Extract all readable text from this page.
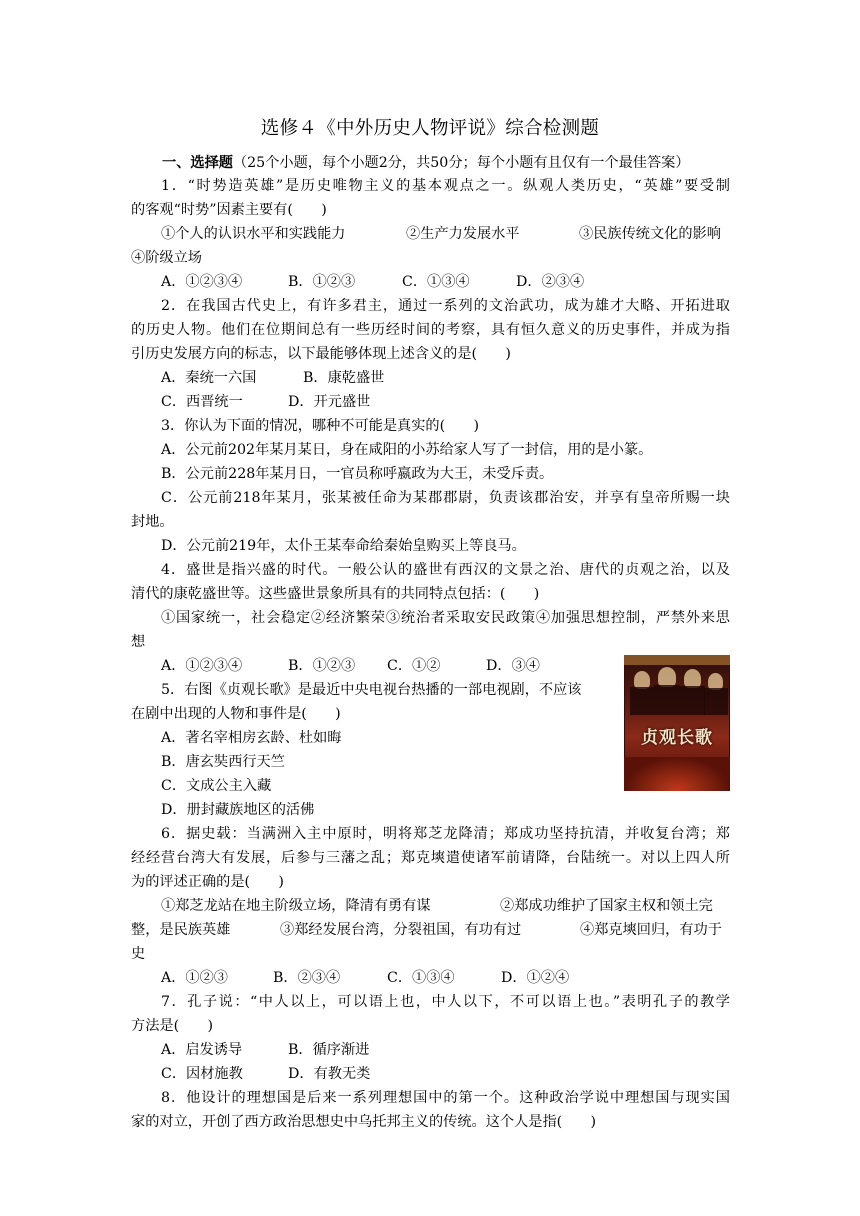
选修４《中外历史人物评说》综合检测题
一、选择题（25个小题，每个小题2分，共50分；每个小题有且仅有一个最佳答案）
1．“时势造英雄”是历史唯物主义的基本观点之一。纵观人类历史，“英雄”要受制
的客观“时势”因素主要有(　　)
①个人的认识水平和实践能力	②生产力发展水平	③民族传统文化的影响
④阶级立场
A．①②③④	B．①②③	C．①③④	D．②③④
2．在我国古代史上，有许多君主，通过一系列的文治武功，成为雄才大略、开拓进取
的历史人物。他们在位期间总有一些历经时间的考察，具有恒久意义的历史事件，并成为指
引历史发展方向的标志，以下最能够体现上述含义的是(　　)
A．秦统一六国	B．康乾盛世
C．西晋统一	D．开元盛世
3．你认为下面的情况，哪种不可能是真实的(　　)
A．公元前202年某月某日，身在咸阳的小苏给家人写了一封信，用的是小篆。
B．公元前228年某月日，一官员称呼嬴政为大王，未受斥责。
C．公元前218年某月，张某被任命为某郡郡尉，负责该郡治安，并享有皇帝所赐一块
封地。
D．公元前219年，太仆王某奉命给秦始皇购买上等良马。
4．盛世是指兴盛的时代。一般公认的盛世有西汉的文景之治、唐代的贞观之治，以及
清代的康乾盛世等。这些盛世景象所具有的共同特点包括：(　　)
①国家统一，社会稳定②经济繁荣③统治者采取安民政策④加强思想控制，严禁外来思
想
A．①②③④	B．①②③ C．①②	D．③④
5．右图《贞观长歌》是最近中央电视台热播的一部电视剧，不应该
在剧中出现的人物和事件是(　　)
A．著名宰相房玄龄、杜如晦
B．唐玄奘西行天竺
C．文成公主入藏
D．册封藏族地区的活佛
贞观长歌
6．据史载：当满洲入主中原时，明将郑芝龙降清；郑成功坚持抗清，并收复台湾；郑
经经营台湾大有发展，后参与三藩之乱；郑克塽遣使诸军前请降，台陆统一。对以上四人所
为的评述正确的是(　　)
①郑芝龙站在地主阶级立场，降清有勇有谋	②郑成功维护了国家主权和领土完
整，是民族英雄	③郑经发展台湾，分裂祖国，有功有过	④郑克塽回归，有功于
史
A．①②③	B．②③④	C．①③④	D．①②④
7．孔子说：“中人以上，可以语上也，中人以下，不可以语上也。”表明孔子的教学
方法是(　　)
A．启发诱导	B．循序渐进
C．因材施教	D．有教无类
8．他设计的理想国是后来一系列理想国中的第一个。这种政治学说中理想国与现实国
家的对立，开创了西方政治思想史中乌托邦主义的传统。这个人是指(　　)
